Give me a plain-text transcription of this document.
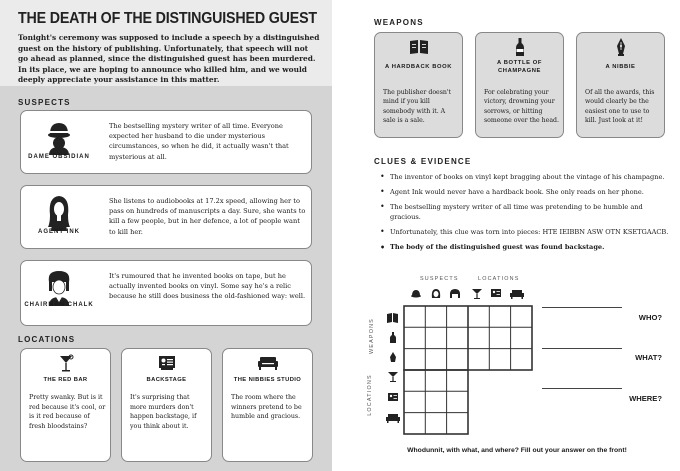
THE DEATH OF THE DISTINGUISHED GUEST
Tonight's ceremony was supposed to include a speech by a distinguished guest on the history of publishing. Unfortunately, that speech will not go ahead as planned, since the distinguished guest has been murdered. In its place, we are hoping to announce who killed him, and we would deeply appreciate your assistance in this matter.
SUSPECTS
DAME OBSIDIAN
The bestselling mystery writer of all time. Everyone expected her husband to die under mysterious circumstances, so when he did, it actually wasn't that mysterious at all.
AGENT INK
She listens to audiobooks at 17.2x speed, allowing her to pass on hundreds of manuscripts a day. Sure, she wants to kill a few people, but in her defence, a lot of people want to kill her.
CHAIRMAN CHALK
It's rumoured that he invented books on tape, but he actually invented books on vinyl. Some say he's a relic because he still does business the old-fashioned way: well.
LOCATIONS
THE RED BAR
Pretty swanky. But is it red because it's cool, or is it red because of fresh bloodstains?
BACKSTAGE
It's surprising that more murders don't happen backstage, if you think about it.
THE NIBBIES STUDIO
The room where the winners pretend to be humble and gracious.
WEAPONS
A HARDBACK BOOK
The publisher doesn't mind if you kill somebody with it. A sale is a sale.
A BOTTLE OF CHAMPAGNE
For celebrating your victory, drowning your sorrows, or hitting someone over the head.
A NIBBIE
Of all the awards, this would clearly be the easiest one to use to kill. Just look at it!
CLUES & EVIDENCE
• The inventor of books on vinyl kept bragging about the vintage of his champagne.
• Agent Ink would never have a hardback book. She only reads on her phone.
• The bestselling mystery writer of all time was pretending to be humble and gracious.
• Unfortunately, this clue was torn into pieces: HTE IEIBBN ASW OTN KSETGAACB.
• The body of the distinguished guest was found backstage.
SUSPECTS	LOCATIONS
WEAPONS
LOCATIONS
WHO?
WHAT?
WHERE?
Whodunnit, with what, and where? Fill out your answer on the front!
